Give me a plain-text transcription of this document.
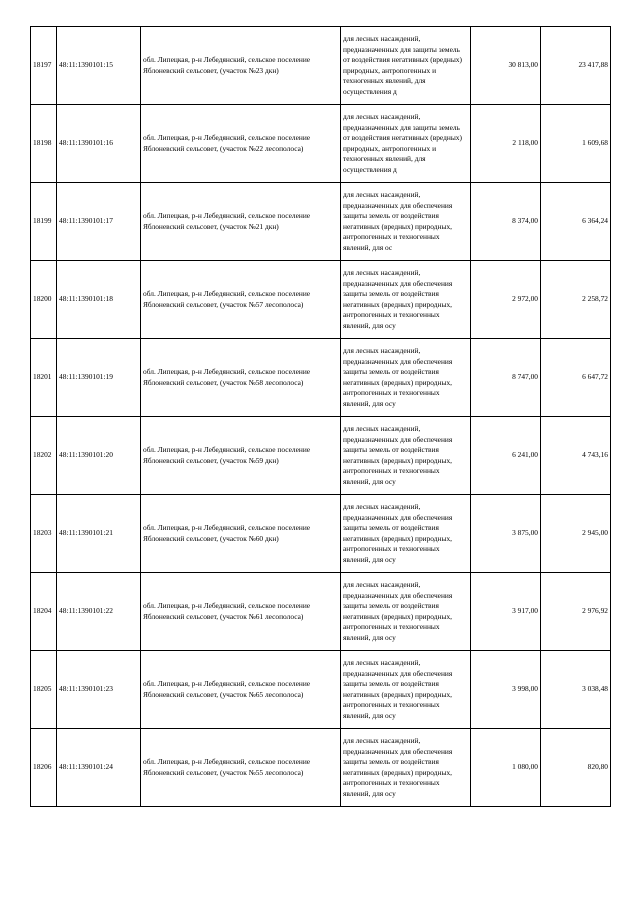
18197	48:11:1390101:15	обл. Липецкая, р-н Лебедянский, сельское поселение Яблоневский сельсовет, (участок №23 дкн)	для лесных насаждений, предназначенных для защиты земель от воздействия негативных (вредных) природных, антропогенных и техногенных явлений, для осуществления д	30 813,00	23 417,88
18198	48:11:1390101:16	обл. Липецкая, р-н Лебедянский, сельское поселение Яблоневский сельсовет, (участок №22 лесополоса)	для лесных насаждений, предназначенных для защиты земель от воздействия негативных (вредных) природных, антропогенных и техногенных явлений, для осуществления д	2 118,00	1 609,68
18199	48:11:1390101:17	обл. Липецкая, р-н Лебедянский, сельское поселение Яблоневский сельсовет, (участок №21 дкн)	для лесных насаждений, предназначенных для обеспечения защиты земель от воздействия негативных (вредных) природных, антропогенных и техногенных явлений, для ос	8 374,00	6 364,24
18200	48:11:1390101:18	обл. Липецкая, р-н Лебедянский, сельское поселение Яблоневский сельсовет, (участок №57 лесополоса)	для лесных насаждений, предназначенных для обеспечения защиты земель от воздействия негативных (вредных) природных, антропогенных и техногенных явлений, для осу	2 972,00	2 258,72
18201	48:11:1390101:19	обл. Липецкая, р-н Лебедянский, сельское поселение Яблоневский сельсовет, (участок №58 лесополоса)	для лесных насаждений, предназначенных для обеспечения защиты земель от воздействия негативных (вредных) природных, антропогенных и техногенных явлений, для осу	8 747,00	6 647,72
18202	48:11:1390101:20	обл. Липецкая, р-н Лебедянский, сельское поселение Яблоневский сельсовет, (участок №59 дкн)	для лесных насаждений, предназначенных для обеспечения защиты земель от воздействия негативных (вредных) природных, антропогенных и техногенных явлений, для осу	6 241,00	4 743,16
18203	48:11:1390101:21	обл. Липецкая, р-н Лебедянский, сельское поселение Яблоневский сельсовет, (участок №60 дкн)	для лесных насаждений, предназначенных для обеспечения защиты земель от воздействия негативных (вредных) природных, антропогенных и техногенных явлений, для осу	3 875,00	2 945,00
18204	48:11:1390101:22	обл. Липецкая, р-н Лебедянский, сельское поселение Яблоневский сельсовет, (участок №61 лесополоса)	для лесных насаждений, предназначенных для обеспечения защиты земель от воздействия негативных (вредных) природных, антропогенных и техногенных явлений, для осу	3 917,00	2 976,92
18205	48:11:1390101:23	обл. Липецкая, р-н Лебедянский, сельское поселение Яблоневский сельсовет, (участок №65 лесополоса)	для лесных насаждений, предназначенных для обеспечения защиты земель от воздействия негативных (вредных) природных, антропогенных и техногенных явлений, для осу	3 998,00	3 038,48
18206	48:11:1390101:24	обл. Липецкая, р-н Лебедянский, сельское поселение Яблоневский сельсовет, (участок №55 лесополоса)	для лесных насаждений, предназначенных для обеспечения защиты земель от воздействия негативных (вредных) природных, антропогенных и техногенных явлений, для осу	1 080,00	820,80
